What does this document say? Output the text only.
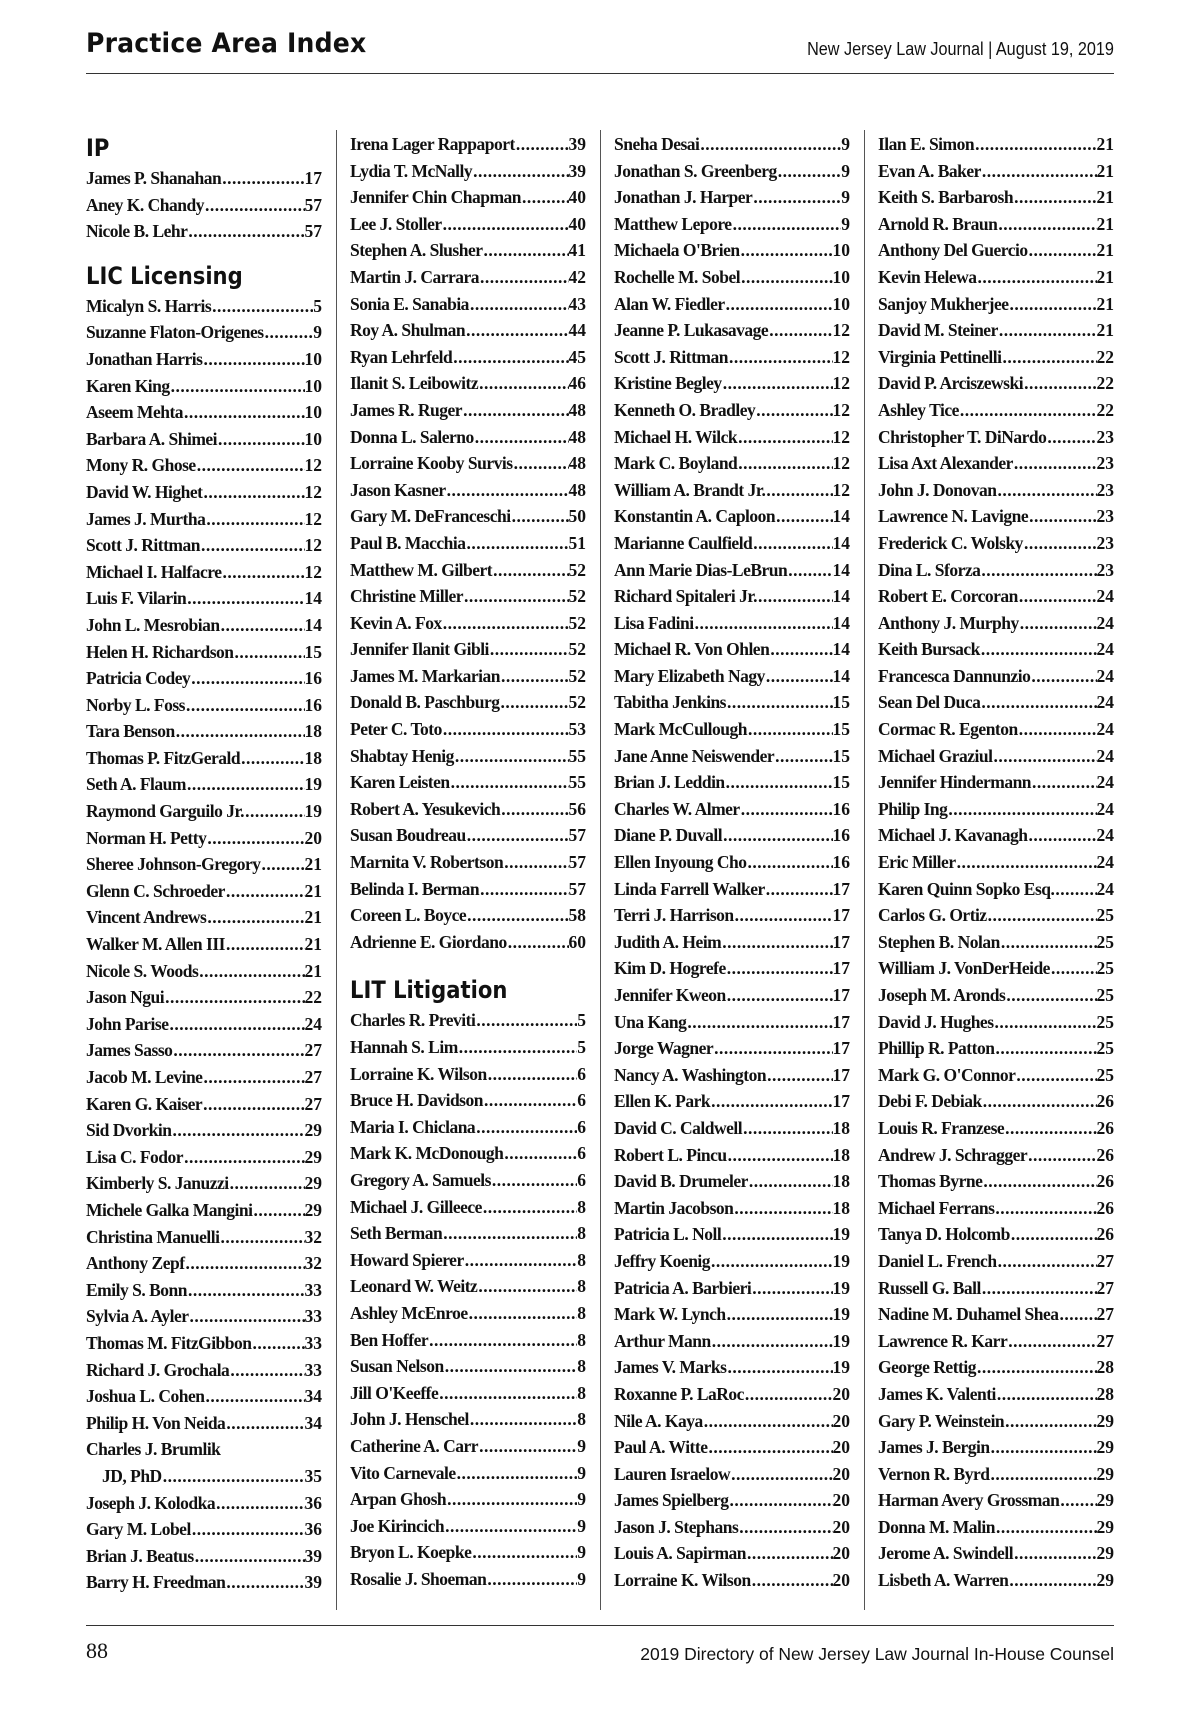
Practice Area Index	New Jersey Law Journal | August 19, 2019
IP
James P. Shanahan .....	17
Aney K. Chandy .....	57
Nicole B. Lehr .....	57
LIC Licensing
Micalyn S. Harris .....	5
Suzanne Flaton-Origenes .....	9
Jonathan Harris .....	10
Karen King .....	10
Aseem Mehta .....	10
Barbara A. Shimei .....	10
Mony R. Ghose .....	12
David W. Highet .....	12
James J. Murtha .....	12
Scott J. Rittman .....	12
Michael I. Halfacre .....	12
Luis F. Vilarin .....	14
John L. Mesrobian .....	14
Helen H. Richardson .....	15
Patricia Codey .....	16
Norby L. Foss .....	16
Tara Benson .....	18
Thomas P. FitzGerald .....	18
Seth A. Flaum .....	19
Raymond Garguilo Jr. .....	19
Norman H. Petty .....	20
Sheree Johnson-Gregory .....	21
Glenn C. Schroeder .....	21
Vincent Andrews .....	21
Walker M. Allen III .....	21
Nicole S. Woods .....	21
Jason Ngui .....	22
John Parise .....	24
James Sasso .....	27
Jacob M. Levine .....	27
Karen G. Kaiser .....	27
Sid Dvorkin .....	29
Lisa C. Fodor .....	29
Kimberly S. Januzzi .....	29
Michele Galka Mangini .....	29
Christina Manuelli .....	32
Anthony Zepf .....	32
Emily S. Bonn .....	33
Sylvia A. Ayler .....	33
Thomas M. FitzGibbon .....	33
Richard J. Grochala .....	33
Joshua L. Cohen .....	34
Philip H. Von Neida .....	34
Charles J. Brumlik
JD, PhD .....	35
Joseph J. Kolodka .....	36
Gary M. Lobel .....	36
Brian J. Beatus .....	39
Barry H. Freedman .....	39
Irena Lager Rappaport .....	39
Lydia T. McNally .....	39
Jennifer Chin Chapman .....	40
Lee J. Stoller .....	40
Stephen A. Slusher .....	41
Martin J. Carrara .....	42
Sonia E. Sanabia .....	43
Roy A. Shulman .....	44
Ryan Lehrfeld .....	45
Ilanit S. Leibowitz .....	46
James R. Ruger .....	48
Donna L. Salerno .....	48
Lorraine Kooby Survis .....	48
Jason Kasner .....	48
Gary M. DeFranceschi .....	50
Paul B. Macchia .....	51
Matthew M. Gilbert .....	52
Christine Miller .....	52
Kevin A. Fox .....	52
Jennifer Ilanit Gibli .....	52
James M. Markarian .....	52
Donald B. Paschburg .....	52
Peter C. Toto .....	53
Shabtay Henig .....	55
Karen Leisten .....	55
Robert A. Yesukevich .....	56
Susan Boudreau .....	57
Marnita V. Robertson .....	57
Belinda I. Berman .....	57
Coreen L. Boyce .....	58
Adrienne E. Giordano .....	60
LIT Litigation
Charles R. Previti .....	5
Hannah S. Lim .....	5
Lorraine K. Wilson .....	6
Bruce H. Davidson .....	6
Maria I. Chiclana .....	6
Mark K. McDonough .....	6
Gregory A. Samuels .....	6
Michael J. Gilleece .....	8
Seth Berman .....	8
Howard Spierer .....	8
Leonard W. Weitz .....	8
Ashley McEnroe .....	8
Ben Hoffer .....	8
Susan Nelson .....	8
Jill O'Keeffe .....	8
John J. Henschel .....	8
Catherine A. Carr .....	9
Vito Carnevale .....	9
Arpan Ghosh .....	9
Joe Kirincich .....	9
Bryon L. Koepke .....	9
Rosalie J. Shoeman .....	9
Sneha Desai .....	9
Jonathan S. Greenberg .....	9
Jonathan J. Harper .....	9
Matthew Lepore .....	9
Michaela O'Brien .....	10
Rochelle M. Sobel .....	10
Alan W. Fiedler .....	10
Jeanne P. Lukasavage .....	12
Scott J. Rittman .....	12
Kristine Begley .....	12
Kenneth O. Bradley .....	12
Michael H. Wilck .....	12
Mark C. Boyland .....	12
William A. Brandt Jr. .....	12
Konstantin A. Caploon .....	14
Marianne Caulfield .....	14
Ann Marie Dias-LeBrun .....	14
Richard Spitaleri Jr. .....	14
Lisa Fadini .....	14
Michael R. Von Ohlen .....	14
Mary Elizabeth Nagy .....	14
Tabitha Jenkins .....	15
Mark McCullough .....	15
Jane Anne Neiswender .....	15
Brian J. Leddin .....	15
Charles W. Almer .....	16
Diane P. Duvall .....	16
Ellen Inyoung Cho .....	16
Linda Farrell Walker .....	17
Terri J. Harrison .....	17
Judith A. Heim .....	17
Kim D. Hogrefe .....	17
Jennifer Kweon .....	17
Una Kang .....	17
Jorge Wagner .....	17
Nancy A. Washington .....	17
Ellen K. Park .....	17
David C. Caldwell .....	18
Robert L. Pincu .....	18
David B. Drumeler .....	18
Martin Jacobson .....	18
Patricia L. Noll .....	19
Jeffry Koenig .....	19
Patricia A. Barbieri .....	19
Mark W. Lynch .....	19
Arthur Mann .....	19
James V. Marks .....	19
Roxanne P. LaRoc .....	20
Nile A. Kaya .....	20
Paul A. Witte .....	20
Lauren Israelow .....	20
James Spielberg .....	20
Jason J. Stephans .....	20
Louis A. Sapirman .....	20
Lorraine K. Wilson .....	20
Ilan E. Simon .....	21
Evan A. Baker .....	21
Keith S. Barbarosh .....	21
Arnold R. Braun .....	21
Anthony Del Guercio .....	21
Kevin Helewa .....	21
Sanjoy Mukherjee .....	21
David M. Steiner .....	21
Virginia Pettinelli .....	22
David P. Arciszewski .....	22
Ashley Tice .....	22
Christopher T. DiNardo .....	23
Lisa Axt Alexander .....	23
John J. Donovan .....	23
Lawrence N. Lavigne .....	23
Frederick C. Wolsky .....	23
Dina L. Sforza .....	23
Robert E. Corcoran .....	24
Anthony J. Murphy .....	24
Keith Bursack .....	24
Francesca Dannunzio .....	24
Sean Del Duca .....	24
Cormac R. Egenton .....	24
Michael Graziul .....	24
Jennifer Hindermann .....	24
Philip Ing .....	24
Michael J. Kavanagh .....	24
Eric Miller .....	24
Karen Quinn Sopko Esq. ..... 24
Carlos G. Ortiz .....	25
Stephen B. Nolan .....	25
William J. VonDerHeide .....	25
Joseph M. Aronds .....	25
David J. Hughes .....	25
Phillip R. Patton .....	25
Mark G. O'Connor .....	25
Debi F. Debiak .....	26
Louis R. Franzese .....	26
Andrew J. Schragger .....	26
Thomas Byrne .....	26
Michael Ferrans .....	26
Tanya D. Holcomb .....	26
Daniel L. French .....	27
Russell G. Ball .....	27
Nadine M. Duhamel Shea ..... 27
Lawrence R. Karr .....	27
George Rettig .....	28
James K. Valenti .....	28
Gary P. Weinstein .....	29
James J. Bergin .....	29
Vernon R. Byrd .....	29
Harman Avery Grossman ..... 29
Donna M. Malin .....	29
Jerome A. Swindell .....	29
Lisbeth A. Warren .....	29
88	2019 Directory of New Jersey Law Journal In-House Counsel
